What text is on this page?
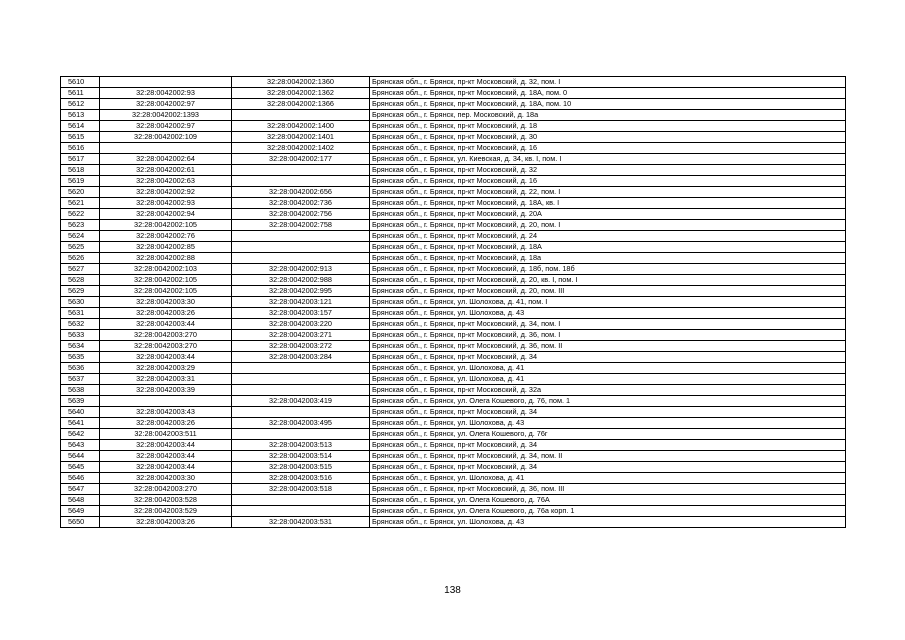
5610		32:28:0042002:1360	Брянская обл., г. Брянск, пр-кт Московский, д. 32, пом. I
5611	32:28:0042002:93	32:28:0042002:1362	Брянская обл., г. Брянск, пр-кт Московский, д. 18А, пом. 0
5612	32:28:0042002:97	32:28:0042002:1366	Брянская обл., г. Брянск, пр-кт Московский, д. 18А, пом. 10
5613	32:28:0042002:1393		Брянская обл., г. Брянск, пер. Московский, д. 18а
5614	32:28:0042002:97	32:28:0042002:1400	Брянская обл., г. Брянск, пр-кт Московский, д. 18
5615	32:28:0042002:109	32:28:0042002:1401	Брянская обл., г. Брянск, пр-кт Московский, д. 30
5616		32:28:0042002:1402	Брянская обл., г. Брянск, пр-кт Московский, д. 16
5617	32:28:0042002:64	32:28:0042002:177	Брянская обл., г. Брянск, ул. Киевская, д. 34, кв. I, пом. I
5618	32:28:0042002:61		Брянская обл., г. Брянск, пр-кт Московский, д. 32
5619	32:28:0042002:63		Брянская обл., г. Брянск, пр-кт Московский, д. 16
5620	32:28:0042002:92	32:28:0042002:656	Брянская обл., г. Брянск, пр-кт Московский, д. 22, пом. I
5621	32:28:0042002:93	32:28:0042002:736	Брянская обл., г. Брянск, пр-кт Московский, д. 18А, кв. I
5622	32:28:0042002:94	32:28:0042002:756	Брянская обл., г. Брянск, пр-кт Московский, д. 20А
5623	32:28:0042002:105	32:28:0042002:758	Брянская обл., г. Брянск, пр-кт Московский, д. 20, пом. I
5624	32:28:0042002:76		Брянская обл., г. Брянск, пр-кт Московский, д. 24
5625	32:28:0042002:85		Брянская обл., г. Брянск, пр-кт Московский, д. 18А
5626	32:28:0042002:88		Брянская обл., г. Брянск, пр-кт Московский, д. 18а
5627	32:28:0042002:103	32:28:0042002:913	Брянская обл., г. Брянск, пр-кт Московский, д. 18б, пом. 18б
5628	32:28:0042002:105	32:28:0042002:988	Брянская обл., г. Брянск, пр-кт Московский, д. 20, кв. I, пом. I
5629	32:28:0042002:105	32:28:0042002:995	Брянская обл., г. Брянск, пр-кт Московский, д. 20, пом. III
5630	32:28:0042003:30	32:28:0042003:121	Брянская обл., г. Брянск, ул. Шолохова, д. 41, пом. I
5631	32:28:0042003:26	32:28:0042003:157	Брянская обл., г. Брянск, ул. Шолохова, д. 43
5632	32:28:0042003:44	32:28:0042003:220	Брянская обл., г. Брянск, пр-кт Московский, д. 34, пом. I
5633	32:28:0042003:270	32:28:0042003:271	Брянская обл., г. Брянск, пр-кт Московский, д. 36, пом. I
5634	32:28:0042003:270	32:28:0042003:272	Брянская обл., г. Брянск, пр-кт Московский, д. 36, пом. II
5635	32:28:0042003:44	32:28:0042003:284	Брянская обл., г. Брянск, пр-кт Московский, д. 34
5636	32:28:0042003:29		Брянская обл., г. Брянск, ул. Шолохова, д. 41
5637	32:28:0042003:31		Брянская обл., г. Брянск, ул. Шолохова, д. 41
5638	32:28:0042003:39		Брянская обл., г. Брянск, пр-кт Московский, д. 32а
5639		32:28:0042003:419	Брянская обл., г. Брянск, ул. Олега Кошевого, д. 76, пом. 1
5640	32:28:0042003:43		Брянская обл., г. Брянск, пр-кт Московский, д. 34
5641	32:28:0042003:26	32:28:0042003:495	Брянская обл., г. Брянск, ул. Шолохова, д. 43
5642	32:28:0042003:511		Брянская обл., г. Брянск, ул. Олега Кошевого, д. 76г
5643	32:28:0042003:44	32:28:0042003:513	Брянская обл., г. Брянск, пр-кт Московский, д. 34
5644	32:28:0042003:44	32:28:0042003:514	Брянская обл., г. Брянск, пр-кт Московский, д. 34, пом. II
5645	32:28:0042003:44	32:28:0042003:515	Брянская обл., г. Брянск, пр-кт Московский, д. 34
5646	32:28:0042003:30	32:28:0042003:516	Брянская обл., г. Брянск, ул. Шолохова, д. 41
5647	32:28:0042003:270	32:28:0042003:518	Брянская обл., г. Брянск, пр-кт Московский, д. 36, пом. III
5648	32:28:0042003:528		Брянская обл., г. Брянск, ул. Олега Кошевого, д. 76А
5649	32:28:0042003:529		Брянская обл., г. Брянск, ул. Олега Кошевого, д. 76а корп. 1
5650	32:28:0042003:26	32:28:0042003:531	Брянская обл., г. Брянск, ул. Шолохова, д. 43
138
